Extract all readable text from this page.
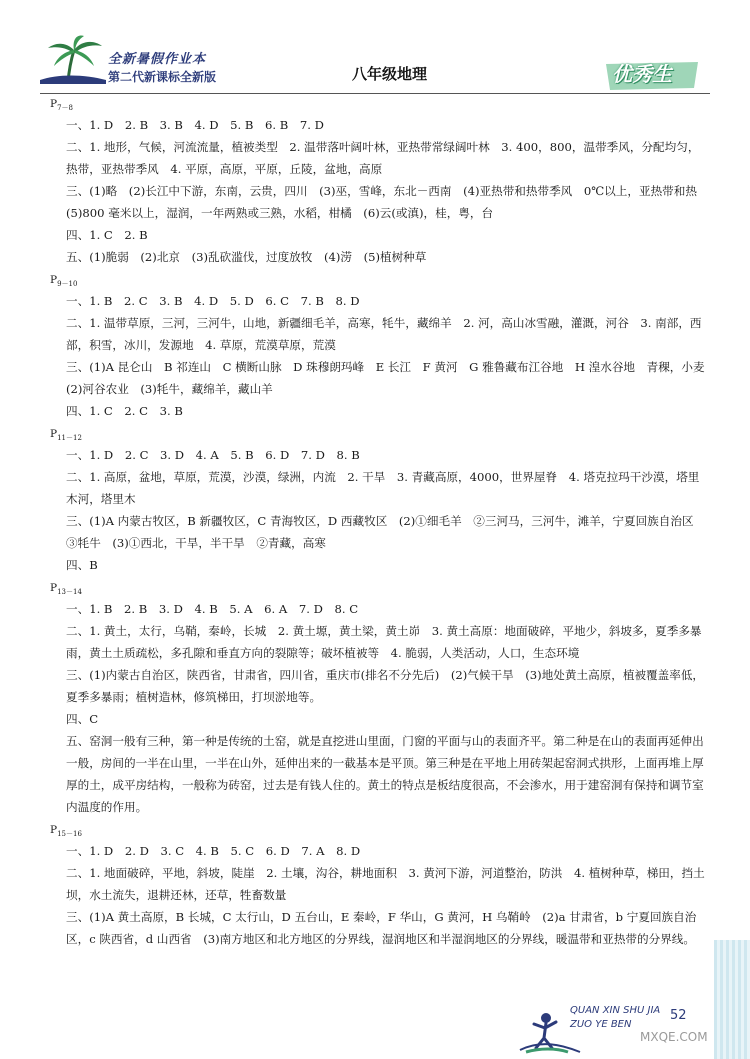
全新暑假作业本
第二代新课标全新版	八年级地理	优秀生
$P_{7-8}$

一、1. D　2. B　3. B　4. D　5. B　6. B　7. D

二、1. 地形，气候，河流流量，植被类型　2. 温带落叶阔叶林，亚热带常绿阔叶林　3. 400，800，温带季风，分配均匀，热带，亚热带季风　4. 平原，高原，平原，丘陵，盆地，高原

三、(1)略　(2)长江中下游，东南，云贵，四川　(3)巫，雪峰，东北－西南　(4)亚热带和热带季风　0℃以上，亚热带和热　(5)800 毫米以上，湿润，一年两熟或三熟，水稻，柑橘　(6)云(或滇)，桂，粤，台

四、1. C　2. B

五、(1)脆弱　(2)北京　(3)乱砍滥伐，过度放牧　(4)涝　(5)植树种草

$P_{9-10}$

一、1. B　2. C　3. B　4. D　5. D　6. C　7. B　8. D

二、1. 温带草原，三河，三河牛，山地，新疆细毛羊，高寒，牦牛，藏绵羊　2. 河，高山冰雪融，灌溉，河谷　3. 南部，西部，积雪，冰川，发源地　4. 草原，荒漠草原，荒漠

三、(1)A 昆仑山　B 祁连山　C 横断山脉　D 珠穆朗玛峰　E 长江　F 黄河　G 雅鲁藏布江谷地　H 湟水谷地　青稞，小麦　(2)河谷农业　(3)牦牛，藏绵羊，藏山羊

四、1. C　2. C　3. B

$P_{11-12}$

一、1. D　2. C　3. D　4. A　5. B　6. D　7. D　8. B

二、1. 高原，盆地，草原，荒漠，沙漠，绿洲，内流　2. 干旱　3. 青藏高原，4000，世界屋脊　4. 塔克拉玛干沙漠，塔里木河，塔里木

三、(1)A 内蒙古牧区，B 新疆牧区，C 青海牧区，D 西藏牧区　(2)①细毛羊　②三河马，三河牛，滩羊，宁夏回族自治区　③牦牛　(3)①西北，干旱，半干旱　②青藏，高寒

四、B

$P_{13-14}$

一、1. B　2. B　3. D　4. B　5. A　6. A　7. D　8. C

二、1. 黄土，太行，乌鞘，秦岭，长城　2. 黄土塬，黄土梁，黄土峁　3. 黄土高原：地面破碎，平地少，斜坡多，夏季多暴雨，黄土土质疏松，多孔隙和垂直方向的裂隙等；破坏植被等　4. 脆弱，人类活动，人口，生态环境

三、(1)内蒙古自治区，陕西省，甘肃省，四川省，重庆市(排名不分先后)　(2)气候干旱　(3)地处黄土高原，植被覆盖率低，夏季多暴雨；植树造林，修筑梯田，打坝淤地等。

四、C

五、窑洞一般有三种，第一种是传统的土窑，就是直挖进山里面，门窗的平面与山的表面齐平。第二种是在山的表面再延伸出一般，房间的一半在山里，一半在山外，延伸出来的一截基本是平顶。第三种是在平地上用砖架起窑洞式拱形，上面再堆上厚厚的土，成平房结构，一般称为砖窑，过去是有钱人住的。黄土的特点是板结度很高，不会渗水，用于建窑洞有保持和调节室内温度的作用。

$P_{15-16}$

一、1. D　2. D　3. C　4. B　5. C　6. D　7. A　8. D

二、1. 地面破碎，平地，斜坡，陡崖　2. 土壤，沟谷，耕地面积　3. 黄河下游，河道整治，防洪　4. 植树种草，梯田，挡土坝，水土流失，退耕还林，还草，牲畜数量

三、(1)A 黄土高原，B 长城，C 太行山，D 五台山，E 秦岭，F 华山，G 黄河，H 乌鞘岭　(2)a 甘肃省，b 宁夏回族自治区，c 陕西省，d 山西省　(3)南方地区和北方地区的分界线，湿润地区和半湿润地区的分界线，暖温带和亚热带的分界线。

QUAN XIN SHU JIA
ZUO YE BEN
52
MXQE.COM
